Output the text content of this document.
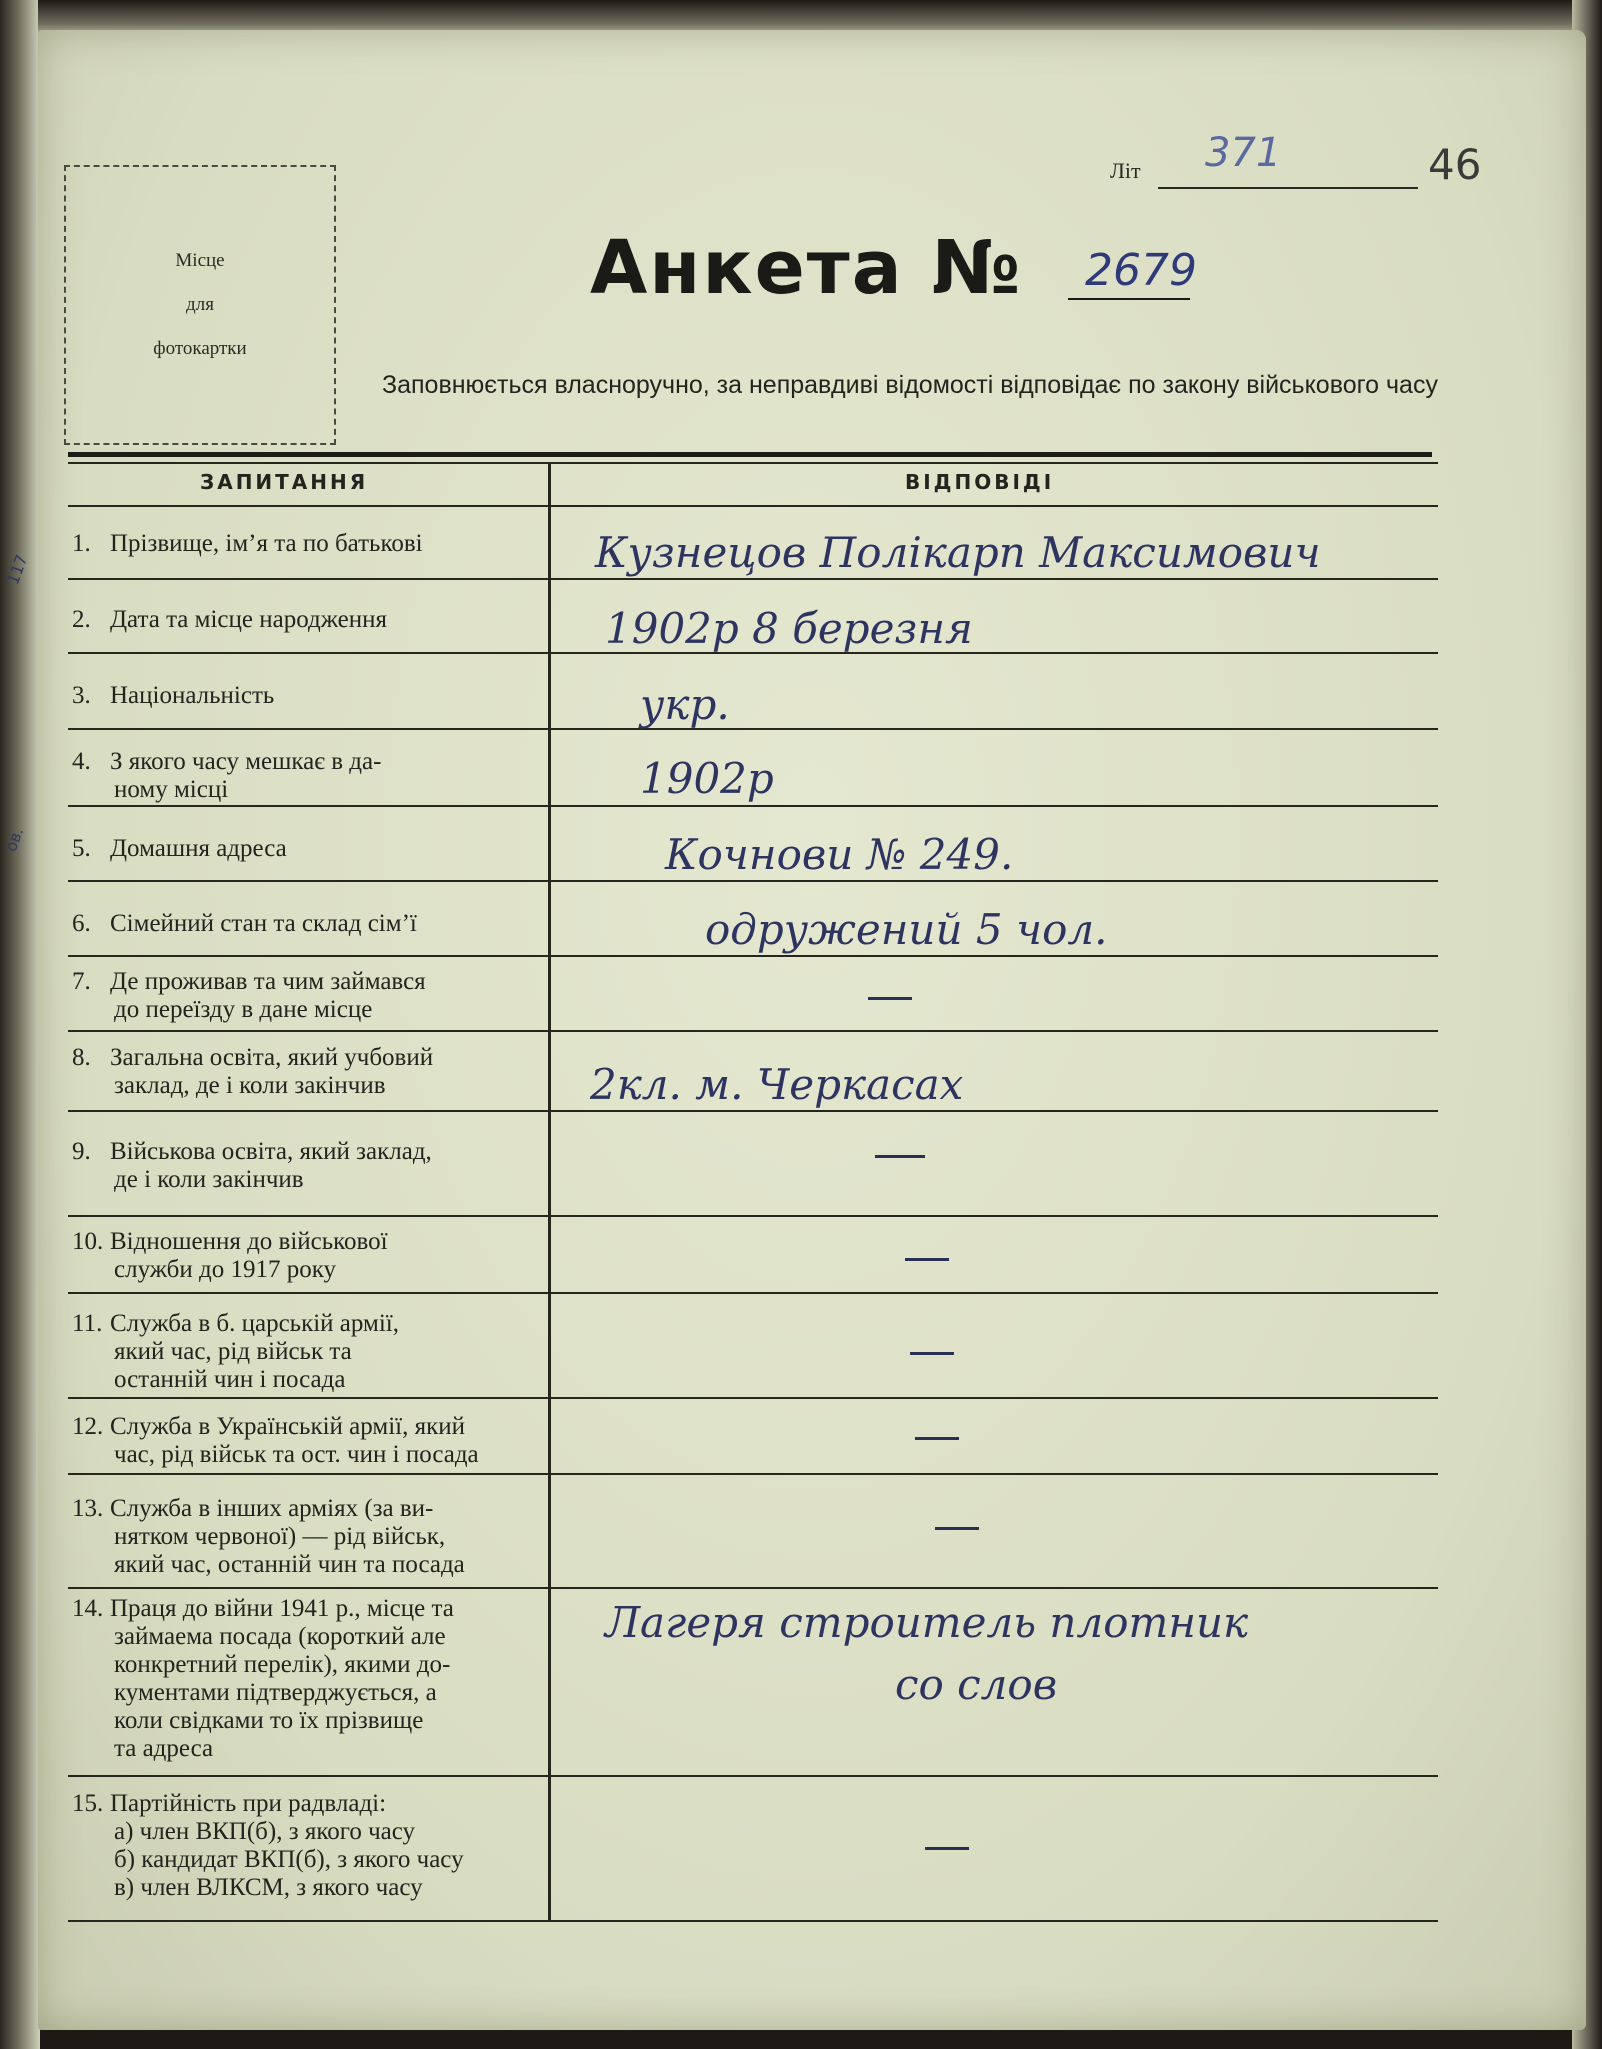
117
ов.
Місце
для
фотокартки
Літ 371	46
Анкета № 2679
Заповнюється власноручно, за неправдиві відомості відповідає по закону військового часу
ЗАПИТАННЯ	ВІДПОВІДІ
1. Прізвище, ім’я та по батькові
2. Дата та місце народження
3. Національність
4. З якого часу мешкає в да-
ному місці
5. Домашня адреса
6. Сімейний стан та склад сім’ї
7. Де проживав та чим займався
до переїзду в дане місце
8. Загальна освіта, який учбовий
заклад, де і коли закінчив
9. Військова освіта, який заклад,
де і коли закінчив
10. Відношення до військової
служби до 1917 року
11. Служба в б. царській армії,
який час, рід військ та
останній чин і посада
12. Служба в Українській армії, який
час, рід військ та ост. чин і посада
13. Служба в інших арміях (за ви-
нятком червоної) — рід військ,
який час, останній чин та посада
14. Праця до війни 1941 р., місце та
займаема посада (короткий але
конкретний перелік), якими до-
кументами підтверджується, а
коли свідками то їх прізвище
та адреса
15. Партійність при радвладі:
а) член ВКП(б), з якого часу
б) кандидат ВКП(б), з якого часу
в) член ВЛКСМ, з якого часу
Кузнецов Полікарп Максимович
1902р 8 березня
укр.
1902р
Кочнови № 249.
одружений 5 чол.
2кл. м. Черкасах
Лагеря строитель плотник
со слов
